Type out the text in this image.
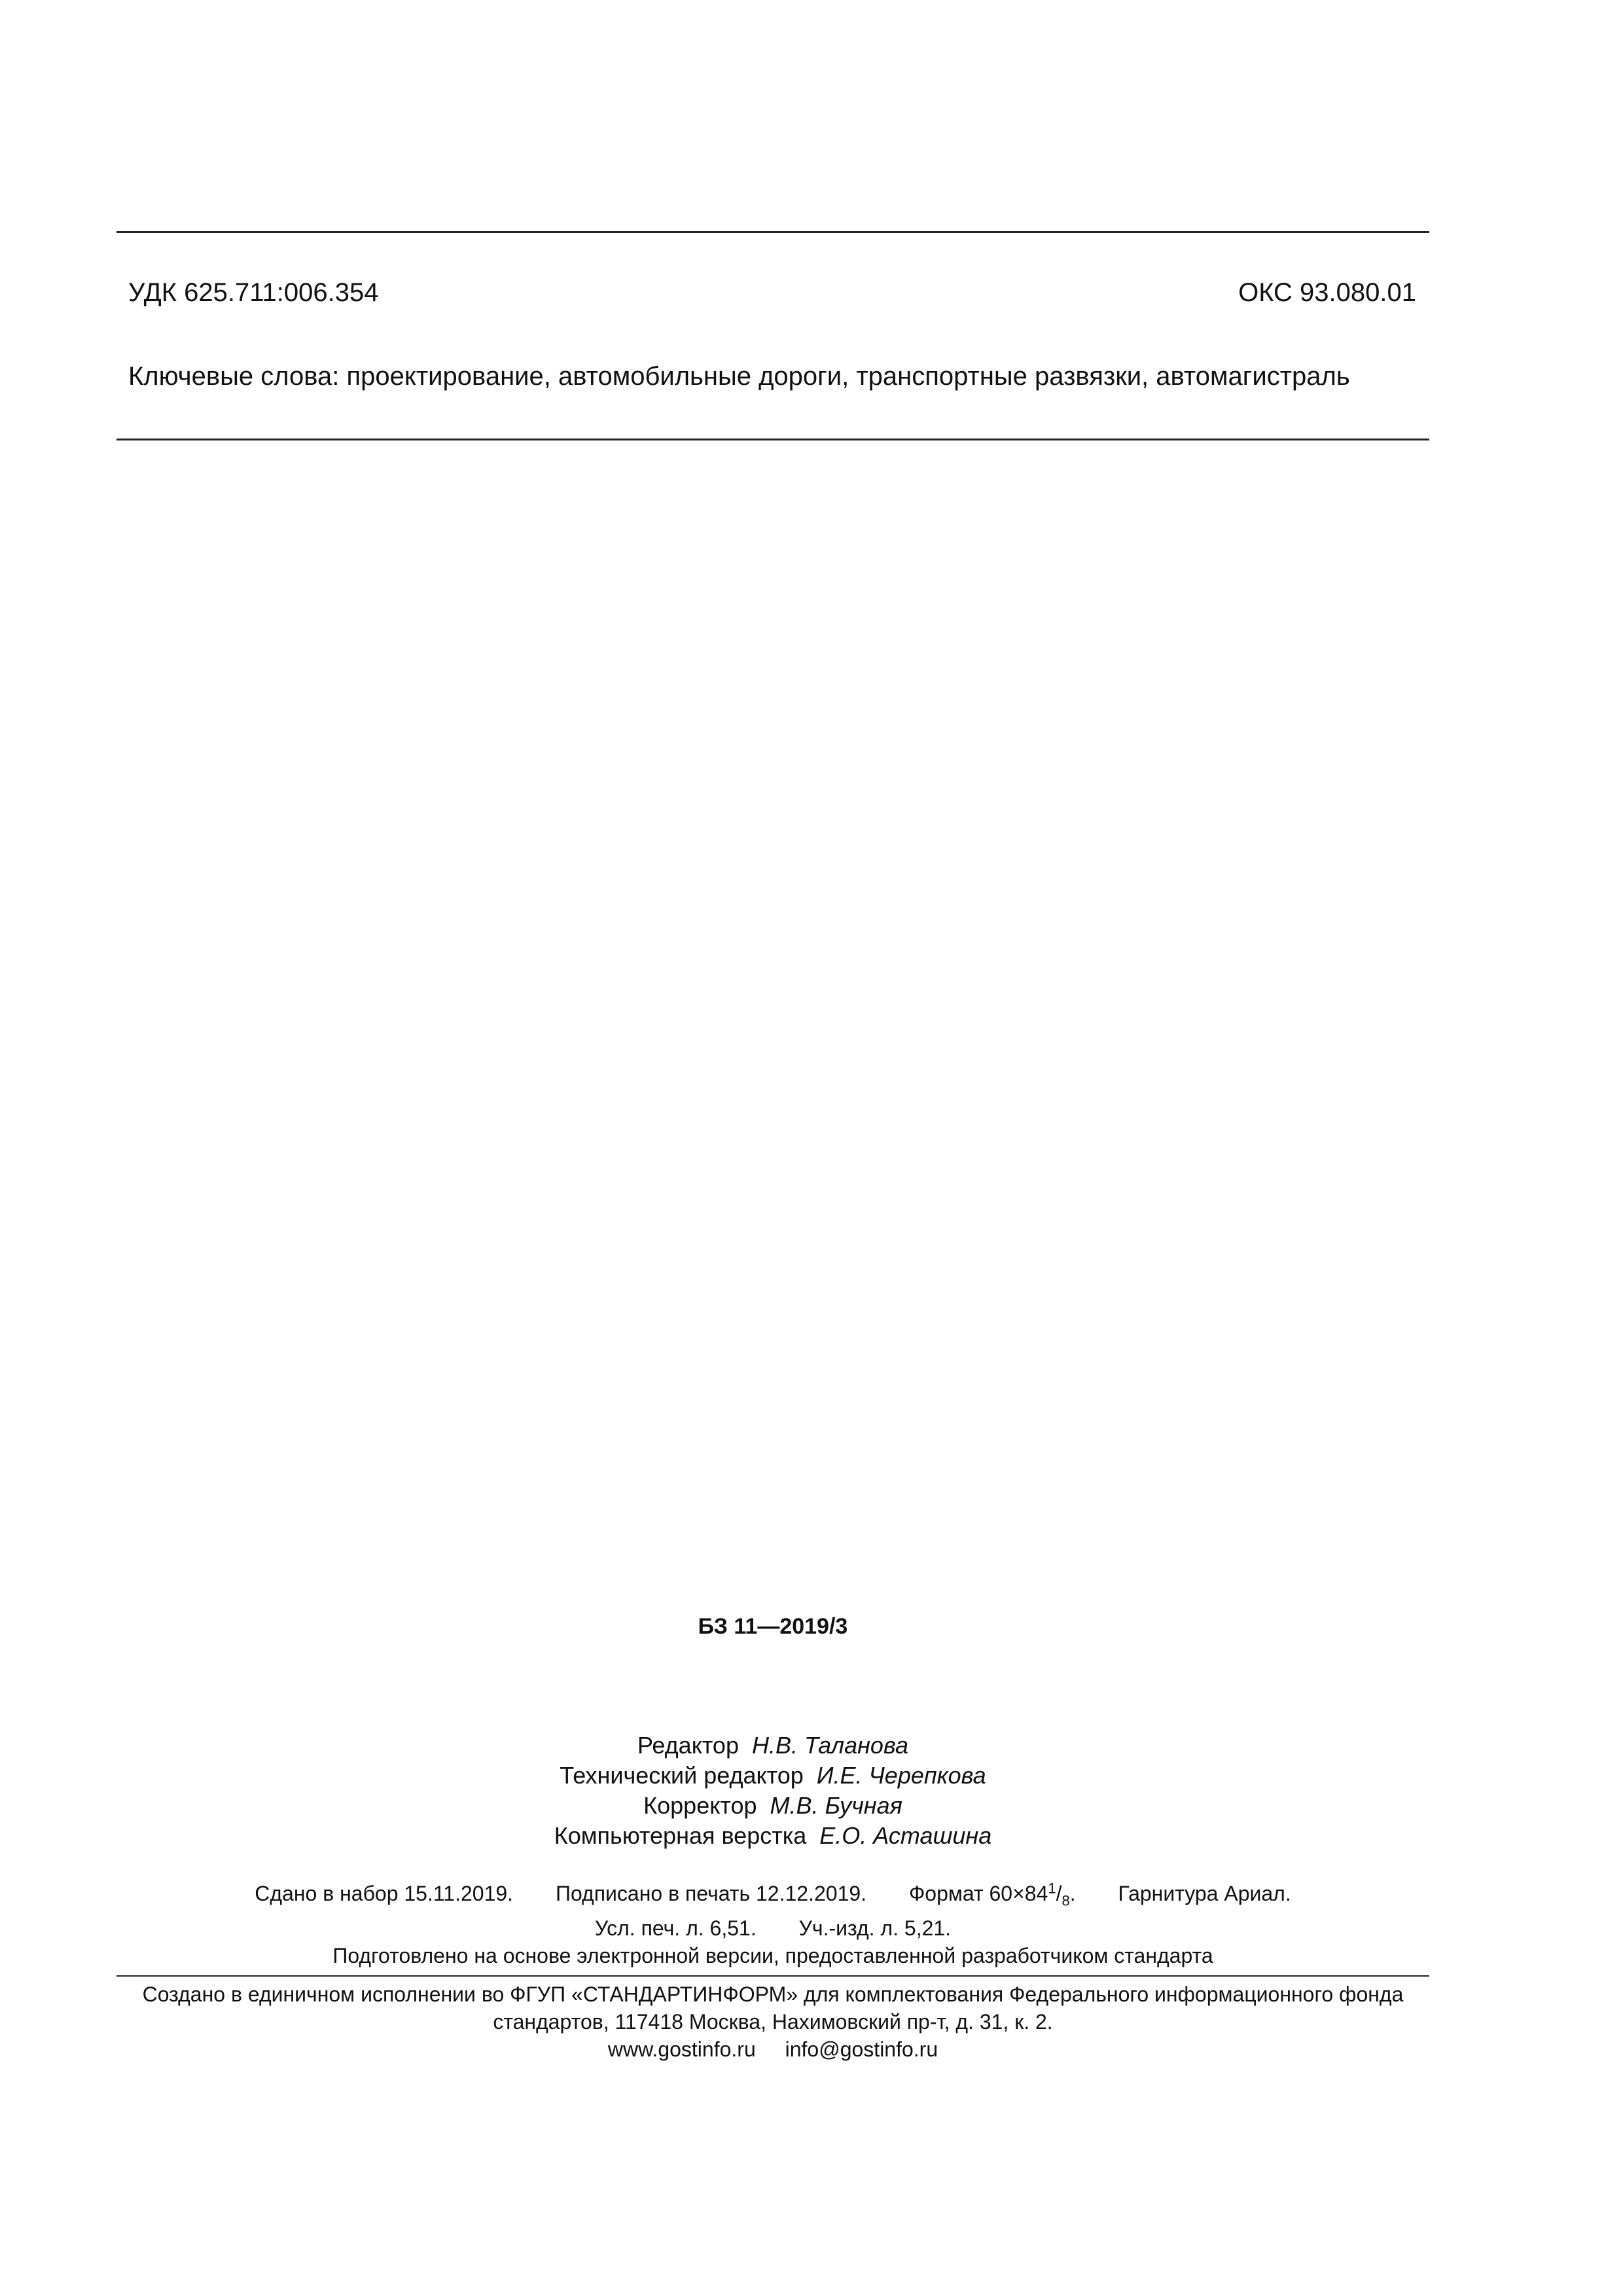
УДК 625.711:006.354	ОКС 93.080.01
Ключевые слова: проектирование, автомобильные дороги, транспортные развязки, автомагистраль
БЗ 11—2019/3
Редактор Н.В. Таланова
Технический редактор И.Е. Черепкова
Корректор М.В. Бучная
Компьютерная верстка Е.О. Асташина
Сдано в набор 15.11.2019. Подписано в печать 12.12.2019. Формат $60\times 84^1/_8$. Гарнитура Ариал.
Усл. печ. л. 6,51. Уч.-изд. л. 5,21.
Подготовлено на основе электронной версии, предоставленной разработчиком стандарта
Создано в единичном исполнении во ФГУП «СТАНДАРТИНФОРМ» для комплектования Федерального информационного фонда
стандартов, 117418 Москва, Нахимовский пр-т, д. 31, к. 2.
www.gostinfo.ru info@gostinfo.ru
